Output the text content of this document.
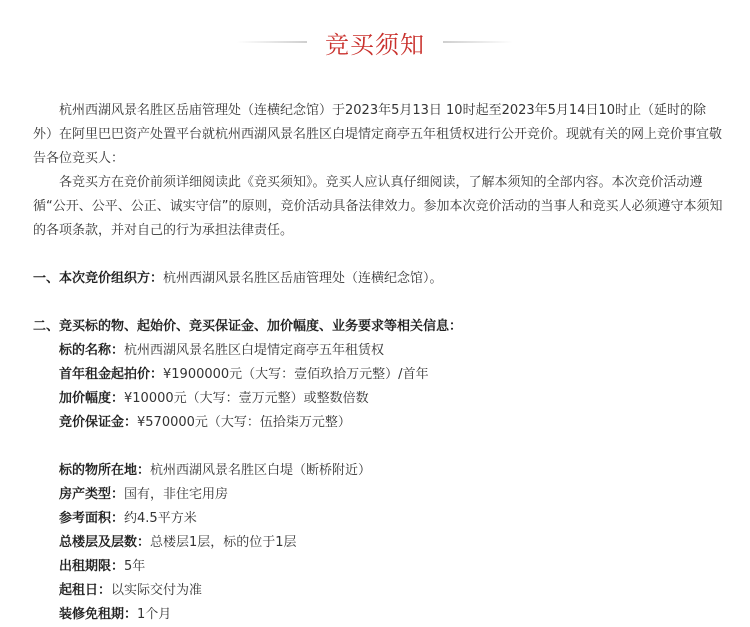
竞买须知

杭州西湖风景名胜区岳庙管理处（连横纪念馆）于2023年5月13日 10时起至2023年5月14日10时止（延时的除外）在阿里巴巴资产处置平台就杭州西湖风景名胜区白堤情定商亭五年租赁权进行公开竞价。现就有关的网上竞价事宜敬告各位竞买人：

各竞买方在竞价前须详细阅读此《竞买须知》。竞买人应认真仔细阅读，了解本须知的全部内容。本次竞价活动遵循“公开、公平、公正、诚实守信”的原则，竞价活动具备法律效力。参加本次竞价活动的当事人和竞买人必须遵守本须知的各项条款，并对自己的行为承担法律责任。

一、本次竞价组织方：杭州西湖风景名胜区岳庙管理处（连横纪念馆）。

二、竞买标的物、起始价、竞买保证金、加价幅度、业务要求等相关信息：

标的名称：杭州西湖风景名胜区白堤情定商亭五年租赁权

首年租金起拍价：¥1900000元（大写：壹佰玖拾万元整）/首年

加价幅度：¥10000元（大写：壹万元整）或整数倍数

竞价保证金：¥570000元（大写：伍拾柒万元整）

标的物所在地：杭州西湖风景名胜区白堤（断桥附近）

房产类型：国有，非住宅用房

参考面积：约4.5平方米

总楼层及层数：总楼层1层，标的位于1层

出租期限：5年

起租日：以实际交付为准

装修免租期：1个月
